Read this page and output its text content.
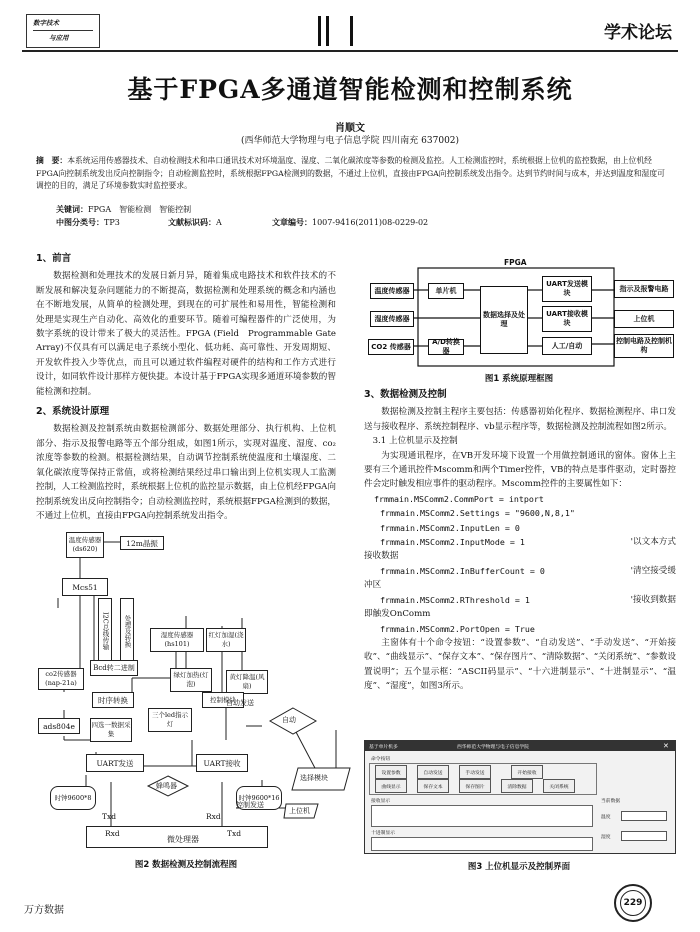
数字技术
与应用	学术论坛
基于FPGA多通道智能检测和控制系统
肖顺文
(西华师范大学物理与电子信息学院 四川南充 637002)
摘　要：本系统运用传感器技术、自动检测技术和串口通讯技术对环境温度、湿度、二氧化碳浓度等参数的检测及监控。人工检测监控时，系统根据上位机的监控数据，由上位机经FPGA向控制系统发出反向控制指令；自动检测监控时，系统根据FPGA检测到的数据，不通过上位机，直接由FPGA向控制系统发出指令。达到节约时间与成本，并达到温度和湿度可调控的目的，满足了环境参数实时监控要求。
关键词：FPGA　智能检测　智能控制
中图分类号：TP3	文献标识码：A	文章编号：1007-9416(2011)08-0229-02
1、前言

数据检测和处理技术的发展日新月异，随着集成电路技术和软件技术的不断发展和解决复杂问题能力的不断提高，数据检测和处理系统的概念和内涵也在不断地发展，从简单的检测处理，到现在的可扩展性和易用性，智能检测和处理是实现生产自动化、高效化的重要环节。随着可编程器件的广泛使用，为数字系统的设计带来了极大的灵活性。FPGA (Field　Programmable Gate Array)不仅具有可以满足电子系统小型化、低功耗、高可靠性、开发周期短、开发软件投入少等优点，而且可以通过软件编程对硬件的结构和工作方式进行设计，如同软件设计那样方便快捷。本设计基于FPGA实现多通道环境参数的智能检测和控制。

2、系统设计原理

数据检测及控制系统由数据检测部分、数据处理部分、执行机构、上位机部分、指示及报警电路等五个部分组成，如图1所示，实现对温度、湿度、co₂浓度等参数的检测。根据检测结果，自动调节控制系统使温度和土壤湿度、二氧化碳浓度等保持正常值，或将检测结果经过串口输出到上位机实现人工监测控制，人工检测监控时，系统根据上位机的监控显示数据，由上位机经FPGA向控制系统发出反向控制指令；自动检测监控时，系统根据FPGA检测到的数据，不通过上位机，直接由FPGA向控制系统发出指令。

温度传感器(ds620)
12m晶振
Mcs51
I2C总线传输	处理及转换
Bcd转二进制
co2传感器(nap-21a)
湿度传感器(hs101)
红灯加湿(浇水)
时序转换
绿灯加热(灯泡)
黄灯降温(风扇)
ads804e	四选一数据采集
控制模块
三个led指示灯
自动发送
自动
UART发送	UART接收
蜂鸣器
时钟9600*8	时钟9600*16
选择模块
控制发送
上位机
Txd	Rxd
Rxd	Txd
微处理器
图2 数据检测及控制流程图
FPGA
温度传感器	单片机
湿度传感器	数据选择及处理
UART发送模块
UART接收模块
人工/自动
CO2 传感器
A/D转换器
指示及报警电路
上位机
控制电路及控制机构
图1 系统原理框图
3、数据检测及控制

数据检测及控制主程序主要包括：传感器初始化程序、数据检测程序、串口发送与接收程序、系统控制程序、vb显示程序等，数据检测及控制流程如图2所示。

3.1 上位机显示及控制

为实现通讯程序，在VB开发环境下设置一个用做控制通讯的窗体。窗体上主要有三个通讯控件Mscomm和两个Timer控件，VB的特点是事件驱动，定时器控件会定时触发相应事件的驱动程序。Mscomm控件的主要属性如下：

frmmain.MSComm2.CommPort = intport
frmmain.MSComm2.Settings = "9600,N,8,1"
frmmain.MSComm2.InputLen = 0
frmmain.MSComm2.InputMode = 1	'以文本方式
接收数据
frmmain.MSComm2.InBufferCount = 0	'清空接受缓
冲区
frmmain.MSComm2.RThreshold = 1	'接收到数据
即触发OnComm
frmmain.MSComm2.PortOpen = True

主窗体有十个命令按钮：“设置参数”、“自动发送”、“手动发送”、“开始接收”、“曲线显示”、“保存文本”、“保存图片”、“清除数据”、“关闭系统”、“参数设置说明”；五个显示框：“ASCII码显示”、“十六进制显示”、“十进制显示”、“温度”、“湿度”，如图3所示。

基于单片机多	西华师范大学物理与电子信息学院	✕
命令按钮
设置参数	自动发送	手动发送	开始接收
曲线显示	保存文本	保存图片	清除数据	关闭系统
接收显示
十进制显示
当前数据
温度
湿度
图3 上位机显示及控制界面
万方数据
229
